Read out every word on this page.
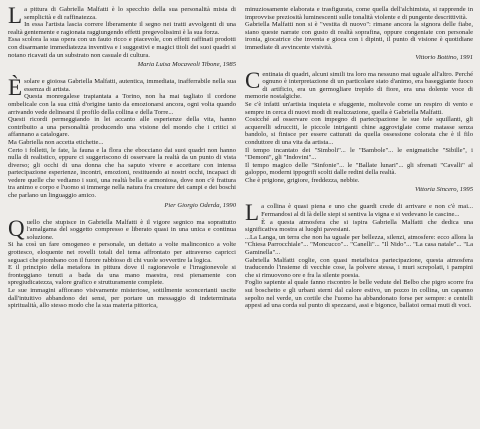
L a pittura di Gabriella Malfatti è lo specchio della sua personalità mista di semplicità e di raffinatezza.
In essa l'artista lascia correre liberamente il segno nei tratti avvolgenti di una realtà gentemente e ragionata raggiungendo effetti pregevolissimi è la sua forza.
Essa scolora la sua opera con un fauto ricco e piacevole, con effetti raffinati prodotti con disarmante immediatezza inventiva e i suggestivi e magici titoli dei suoi quadri si notano ricavati da un substrato non casuale di cultura.
Maria Luisa Mocaveoli Tibone, 1985
È solare e gioiosa Gabriella Malfatti, autentica, immediata, inafferrabile nella sua essenza di artista.
Questa monregalese trapiantata a Torino, non ha mai tagliato il cordone ombelicale con la sua città d'origine tanto da emozionarsi ancora, ogni volta quando arrivando vede delinearsi il profilo della collina e della Torre...
Questi ricordi permeggiando in lei accanto alle esperienze della vita, hanno contribuito a una personalità producendo una visione del mondo che i critici si affannano a catalogare.
Ma Gabriella non accetta etichette...
Certo i folletti, le fate, la fauna e la flora che ebocciano dai suoi quadri non hanno nulla di realistico, eppure ci suggeriscono di osservare la realtà da un punto di vista diverso; gli occhi di una donna che ha saputo vivere e accettare con intensa partecipazione esperienze, incontri, emozioni, restituendo ai nostri occhi, incapaci di vedere quelle che vediamo i suoi, una realtà bella e armoniosa, dove non c'è frattura tra animo e corpo e l'uomo si immerge nella natura fra creature dei campi e dei boschi che parlano un linguaggio amico.
Pier Giorgio Oderda, 1990
Q uello che stupisce in Gabriella Malfatti è il vigore segnico ma soprattutto l'amalgama del soggetto compresso e liberato quasi in una unica e continua soluzione.
Si ha così un fare omogeneo e personale, un dettato a volte malinconico a volte grottesco, eloquente nei rovelli totali del tema affrontato per attraverso capricci seguaci che piombano con il furore rabbioso di chi vuole sovvertire la logica.
E il principio della metafora in pittura dove il ragionevole e l'irragionevole si fronteggiano tenuti a bada da una mano maestra, resi pienamente con spregiudicatezza, valore grafico e strutturamente complete.
Le sue immagini affiorano visivamente misteriose, sottilmente sconcertanti uscite dall'intuitivo abbandono dei sensi, per portare un messaggio di indeterminata spiritualità, allo stesso modo che la sua materia pittorica,
minuziosamente elaborata e trasfigurata, come quella dell'alchimista, si rapprende in improvvise preziosità luminescenti sulle tonalità violente e di pungente descrittività.
Gabriella Malfatti non si è "vestita di nuovo": rimane ancora la signora delle fiabe, siano queste narrate con gusto di realtà soprafina, oppure congeniate con personale ironia, giocatrice che inventa e gioca con i dipinti, il punto di visione è quotidiane immediate di avvincente visività.
Vittorio Bottino, 1991
C entinaia di quadri, alcuni simili tra loro ma nessuno mai uguale all'altro. Perché ognuno è interpretazione di un particolare stato d'animo, era baseggiante fuoco di artificio, era un germogliare trepido di fiore, era una dolente voce di memorie nostalgiche.
Se c'è infatti un'artista inquieta e sfuggente, moltevole come un respiro di vento e sempre in cerca di nuovi modi di realizzazione, quella è Gabriella Malfatti.
Cosicché ad osservare con impegno di partecipazione le sue tele squillanti, gli acquerelli sdrucciti, le piccole intriganti chine aggroviglate come matasse senza bandolo, si finisce per essere catturati da quella ossessione colorata che è il filo conduttore di una vita da artista...
Il tempo incantato dei "Simboli"... le "Bambole"... le enigmatiche "Sibille", i "Demoni", gli "Indovini"...
Il tempo magico delle "Sinfonie"... le "Ballate lunari"... gli sfrenati "Cavalli" al galoppo, moderni ippogrifi scolti dalle redini della realtà.
Che è prigione, grigiore, freddezza, nebbie.
Vittoria Sincero, 1995
L a collina è quasi piena e uno che guardi crede di arrivare e non c'è mai... Fermandosi al di là delle siepi si sentiva la vigna e si vedevano le cascine...
È a questa atmosfera che si ispira Gabriella Malfatti che dedica una significativa mostra ai luoghi pavesiani.
...La Langa, un terra che non ha uguale per bellezza, silenzi, atmosfere: ecco allora la "Chiesa Parrocchiale"... "Moncucco"... "Canelli"... "Il Nido"... "La casa natale"... "La Gaminella"...
Gabriella Malfatti coglie, con quasi metafisica partecipazione, questa atmosfera traducendo l'insieme di vecchie cose, la polvere stessa, i muri screpolati, i pampini che si rimuovono ore e fra la silente poesia.
Foglio sapiente al quale fanno riscontro le belle vedute del Belbo che pigro scorre fra sui boschetto e gli urbani sterni dal calore estivo, un pozzo in collina, un capanno sepolto nel verde, un cortile che l'uomo ha abbandonato forse per sempre: e centelli appesi ad una corda sul punto di spezzarsi, assi e bigonce, ballatoi ormai muti di voci.
